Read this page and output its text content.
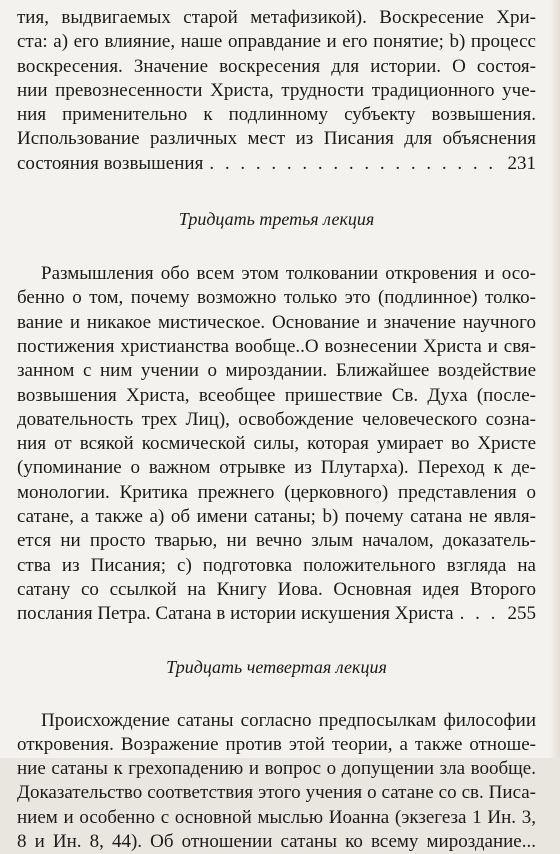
тия, выдвигаемых старой метафизикой). Воскресение Хри-
ста: а) его влияние, наше оправдание и его понятие; b) процесс
воскресения. Значение воскресения для истории. О состоя-
нии превознесенности Христа, трудности традиционного уче-
ния применительно к подлинному субъекту возвышения.
Использование различных мест из Писания для объяснения
состояния возвышения . . .	231

Тридцать третья лекция

Размышления обо всем этом толковании откровения и осо-
бенно о том, почему возможно только это (подлинное) толко-
вание и никакое мистическое. Основание и значение научного
постижения христианства вообще..О вознесении Христа и свя-
занном с ним учении о мироздании. Ближайшее воздействие
возвышения Христа, всеобщее пришествие Св. Духа (после-
довательность трех Лиц), освобождение человеческого созна-
ния от всякой космической силы, которая умирает во Христе
(упоминание о важном отрывке из Плутарха). Переход к де-
монологии. Критика прежнего (церковного) представления о
сатане, а также а) об имени сатаны; b) почему сатана не явля-
ется ни просто тварью, ни вечно злым началом, доказатель-
ства из Писания; с) подготовка положительного взгляда на
сатану со ссылкой на Книгу Иова. Основная идея Второго
послания Петра. Сатана в истории искушения Христа . . .	255

Тридцать четвертая лекция

Происхождение сатаны согласно предпосылкам философии
откровения. Возражение против этой теории, а также отноше-
ние сатаны к грехопадению и вопрос о допущении зла вообще.
Доказательство соответствия этого учения о сатане со св. Писа-
нием и особенно с основной мыслью Иоанна (экзегеза 1 Ин. 3,
8 и Ин. 8, 44). Об отношении сатаны ко всему мироздание...
